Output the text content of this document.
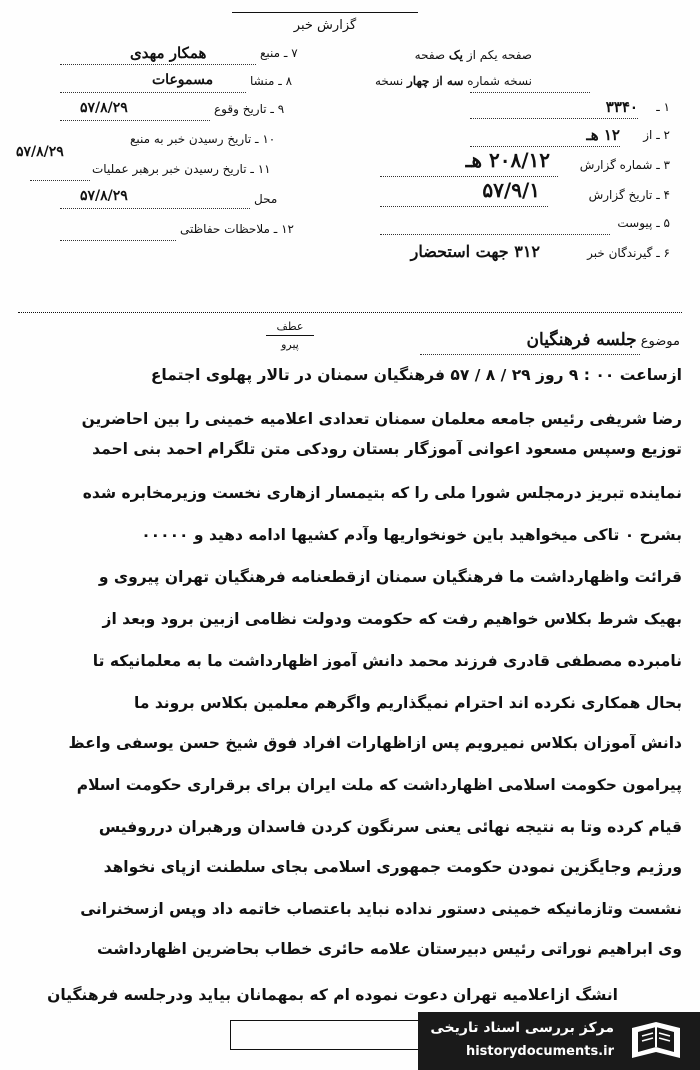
گزارش خبر
صفحه یکم از یک صفحه
نسخه شماره سه از چهار نسخه
۱ ـ
۳۳۴۰
۲ ـ از
۱۲ هـ
۳ ـ شماره گزارش
۲۰۸/۱۲ هـ
۴ ـ تاریخ گزارش
۵۷/۹/۱
۵ ـ پیوست
۶ ـ گیرندگان خبر
۳۱۲ جهت استحضار
۷ ـ منبع
همکار مهدی
۸ ـ منشا
مسموعات
۹ ـ تاریخ وقوع
۵۷/۸/۲۹
۱۰ ـ تاریخ رسیدن خبر به منبع
۵۷/۸/۲۹
۱۱ ـ تاریخ رسیدن خبر برهبر عملیات
محل
۵۷/۸/۲۹
۱۲ ـ ملاحظات حفاظتی
عطف
پیرو	موضوع جلسه فرهنگیان
ازساعت ۰۰ : ۹ روز ۲۹ / ۸ / ۵۷ فرهنگیان سمنان در تالار پهلوی اجتماع
رضا شریفی رئیس جامعه معلمان سمنان تعدادی اعلامیه خمینی را بین احاضرین
توزیع وسپس مسعود اعوانی آموزگار بستان رودکی متن تلگرام احمد بنی احمد
نماینده تبریز درمجلس شورا ملی را که بتیمسار ازهاری نخست وزیرمخابره شده
بشرح ۰ تاکی میخواهید باین خونخواریها وآدم کشیها ادامه دهید و ۰۰۰۰۰
قرائت واظهارداشت ما فرهنگیان سمنان ازقطعنامه فرهنگیان تهران پیروی و
بهیک شرط بکلاس خواهیم رفت که حکومت ودولت نظامی ازبین برود وبعد از
نامبرده مصطفی قادری فرزند محمد دانش آموز اظهارداشت ما به معلمانیکه تا
بحال همکاری نکرده اند احترام نمیگذاریم واگرهم معلمین بکلاس بروند ما
دانش آموزان بکلاس نمیرویم پس ازاظهارات افراد فوق شیخ حسن یوسفی واعظ
پیرامون حکومت اسلامی اظهارداشت که ملت ایران برای برقراری حکومت اسلام
قیام کرده وتا به نتیجه نهائی یعنی سرنگون کردن فاسدان ورهبران درروفیس
ورژیم وجایگزین نمودن حکومت جمهوری اسلامی بجای سلطنت ازپای نخواهد
نشست وتازمانیکه خمینی دستور نداده نباید باعتصاب خاتمه داد وپس ازسخنرانی
وی ابراهیم نوراتی رئیس دبیرستان علامه حائری خطاب بحاضرین اظهارداشت
انشگ ازاعلامیه تهران دعوت نموده ام که بمهمانان بیاید ودرجلسه فرهنگیان
مرکز بررسی اسناد تاریخی
historydocuments.ir
